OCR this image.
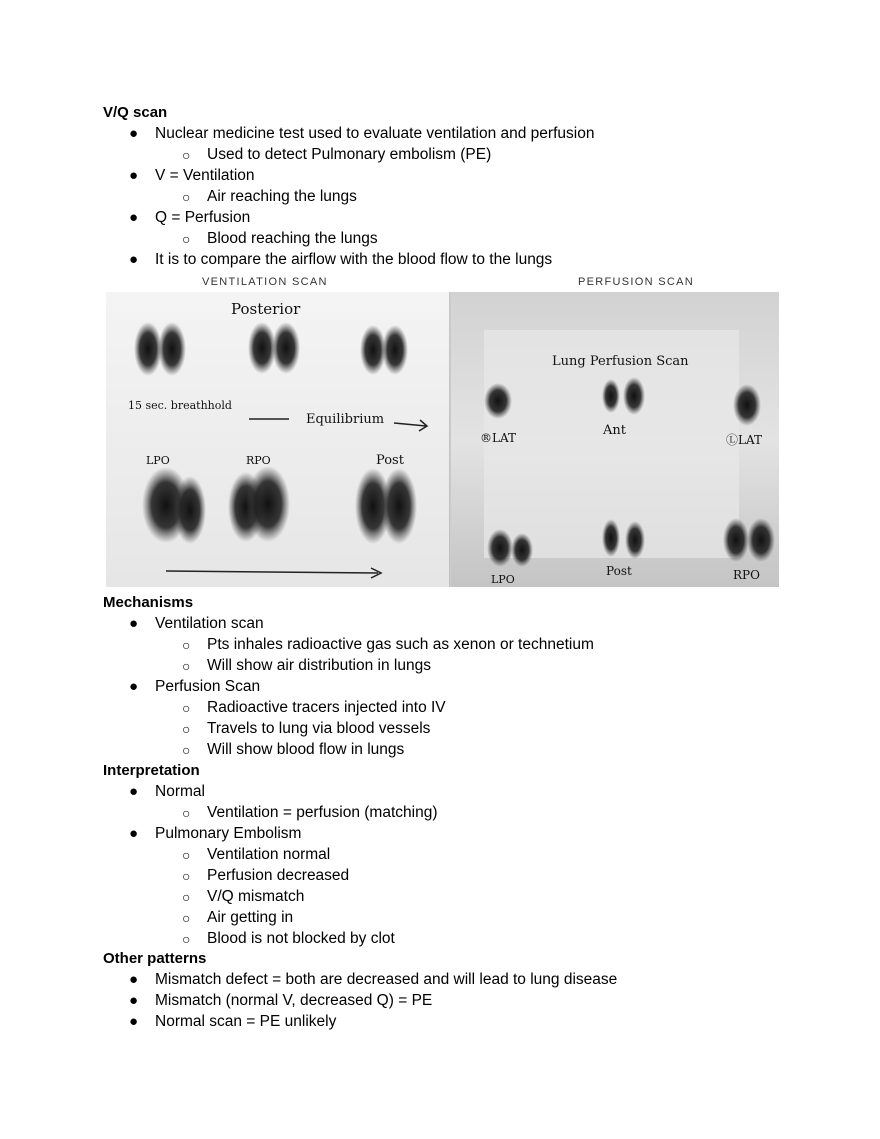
V/Q scan
● Nuclear medicine test used to evaluate ventilation and perfusion
○ Used to detect Pulmonary embolism (PE)
● V = Ventilation
○ Air reaching the lungs
● Q = Perfusion
○ Blood reaching the lungs
● It is to compare the airflow with the blood flow to the lungs
VENTILATION SCAN	PERFUSION SCAN
Posterior
15 sec. breathhold
Equilibrium
LPO	RPO	Post
Lung Perfusion Scan
®LAT	Ant
ⓁLAT
LPO
Post	RPO
Mechanisms
● Ventilation scan
○ Pts inhales radioactive gas such as xenon or technetium
○ Will show air distribution in lungs
● Perfusion Scan
○ Radioactive tracers injected into IV
○ Travels to lung via blood vessels
○ Will show blood flow in lungs
Interpretation
● Normal
○ Ventilation = perfusion (matching)
● Pulmonary Embolism
○ Ventilation normal
○ Perfusion decreased
○ V/Q mismatch
○ Air getting in
○ Blood is not blocked by clot
Other patterns
● Mismatch defect = both are decreased and will lead to lung disease
● Mismatch (normal V, decreased Q) = PE
● Normal scan = PE unlikely
